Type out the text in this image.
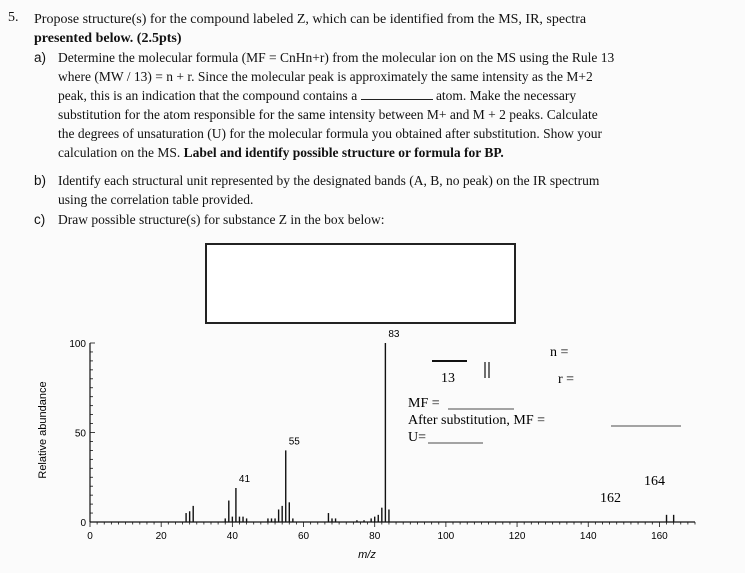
5. Propose structure(s) for the compound labeled Z, which can be identified from the MS, IR, spectra
presented below. (2.5pts)
a) Determine the molecular formula (MF = CnHn+r) from the molecular ion on the MS using the Rule 13
where (MW / 13) = n + r. Since the molecular peak is approximately the same intensity as the M+2
peak, this is an indication that the compound contains a	atom. Make the necessary
substitution for the atom responsible for the same intensity between M+ and M + 2 peaks. Calculate
the degrees of unsaturation (U) for the molecular formula you obtained after substitution. Show your
calculation on the MS. Label and identify possible structure or formula for BP.
b) Identify each structural unit represented by the designated bands (A, B, no peak) on the IR spectrum
using the correlation table provided.
c) Draw possible structure(s) for substance Z in the box below:
Relative abundance
m/z
0	20	40	60	80	100	120	140	160
0
50
100
41
55
83
n =
r =
13
MF =
After substitution, MF =
U=
162
164
